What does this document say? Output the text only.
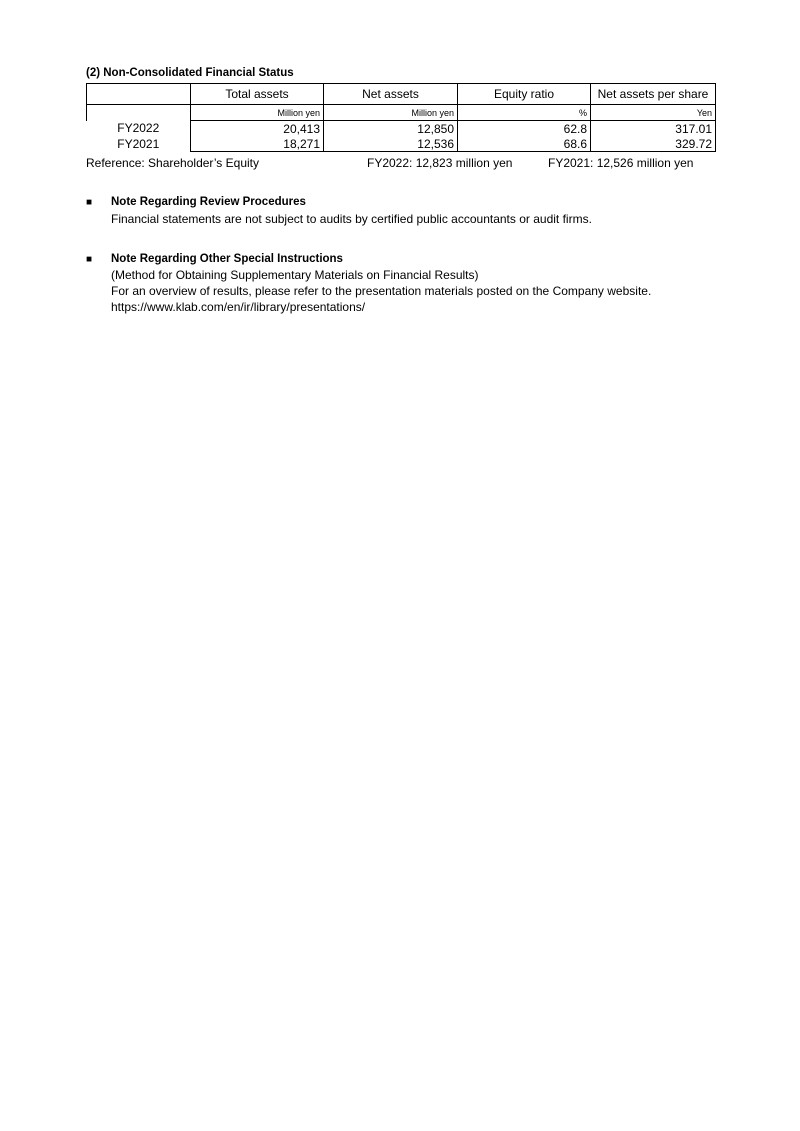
(2) Non-Consolidated Financial Status
	Total assets	Net assets	Equity ratio	Net assets per share
	Million yen	Million yen	%	Yen
FY2022	20,413	12,850	62.8	317.01
FY2021	18,271	12,536	68.6	329.72
Reference: Shareholder’s Equity	FY2022: 12,823 million yen	FY2021: 12,526 million yen
■	Note Regarding Review Procedures
Financial statements are not subject to audits by certified public accountants or audit firms.
■	Note Regarding Other Special Instructions
(Method for Obtaining Supplementary Materials on Financial Results)
For an overview of results, please refer to the presentation materials posted on the Company website.
https://www.klab.com/en/ir/library/presentations/
